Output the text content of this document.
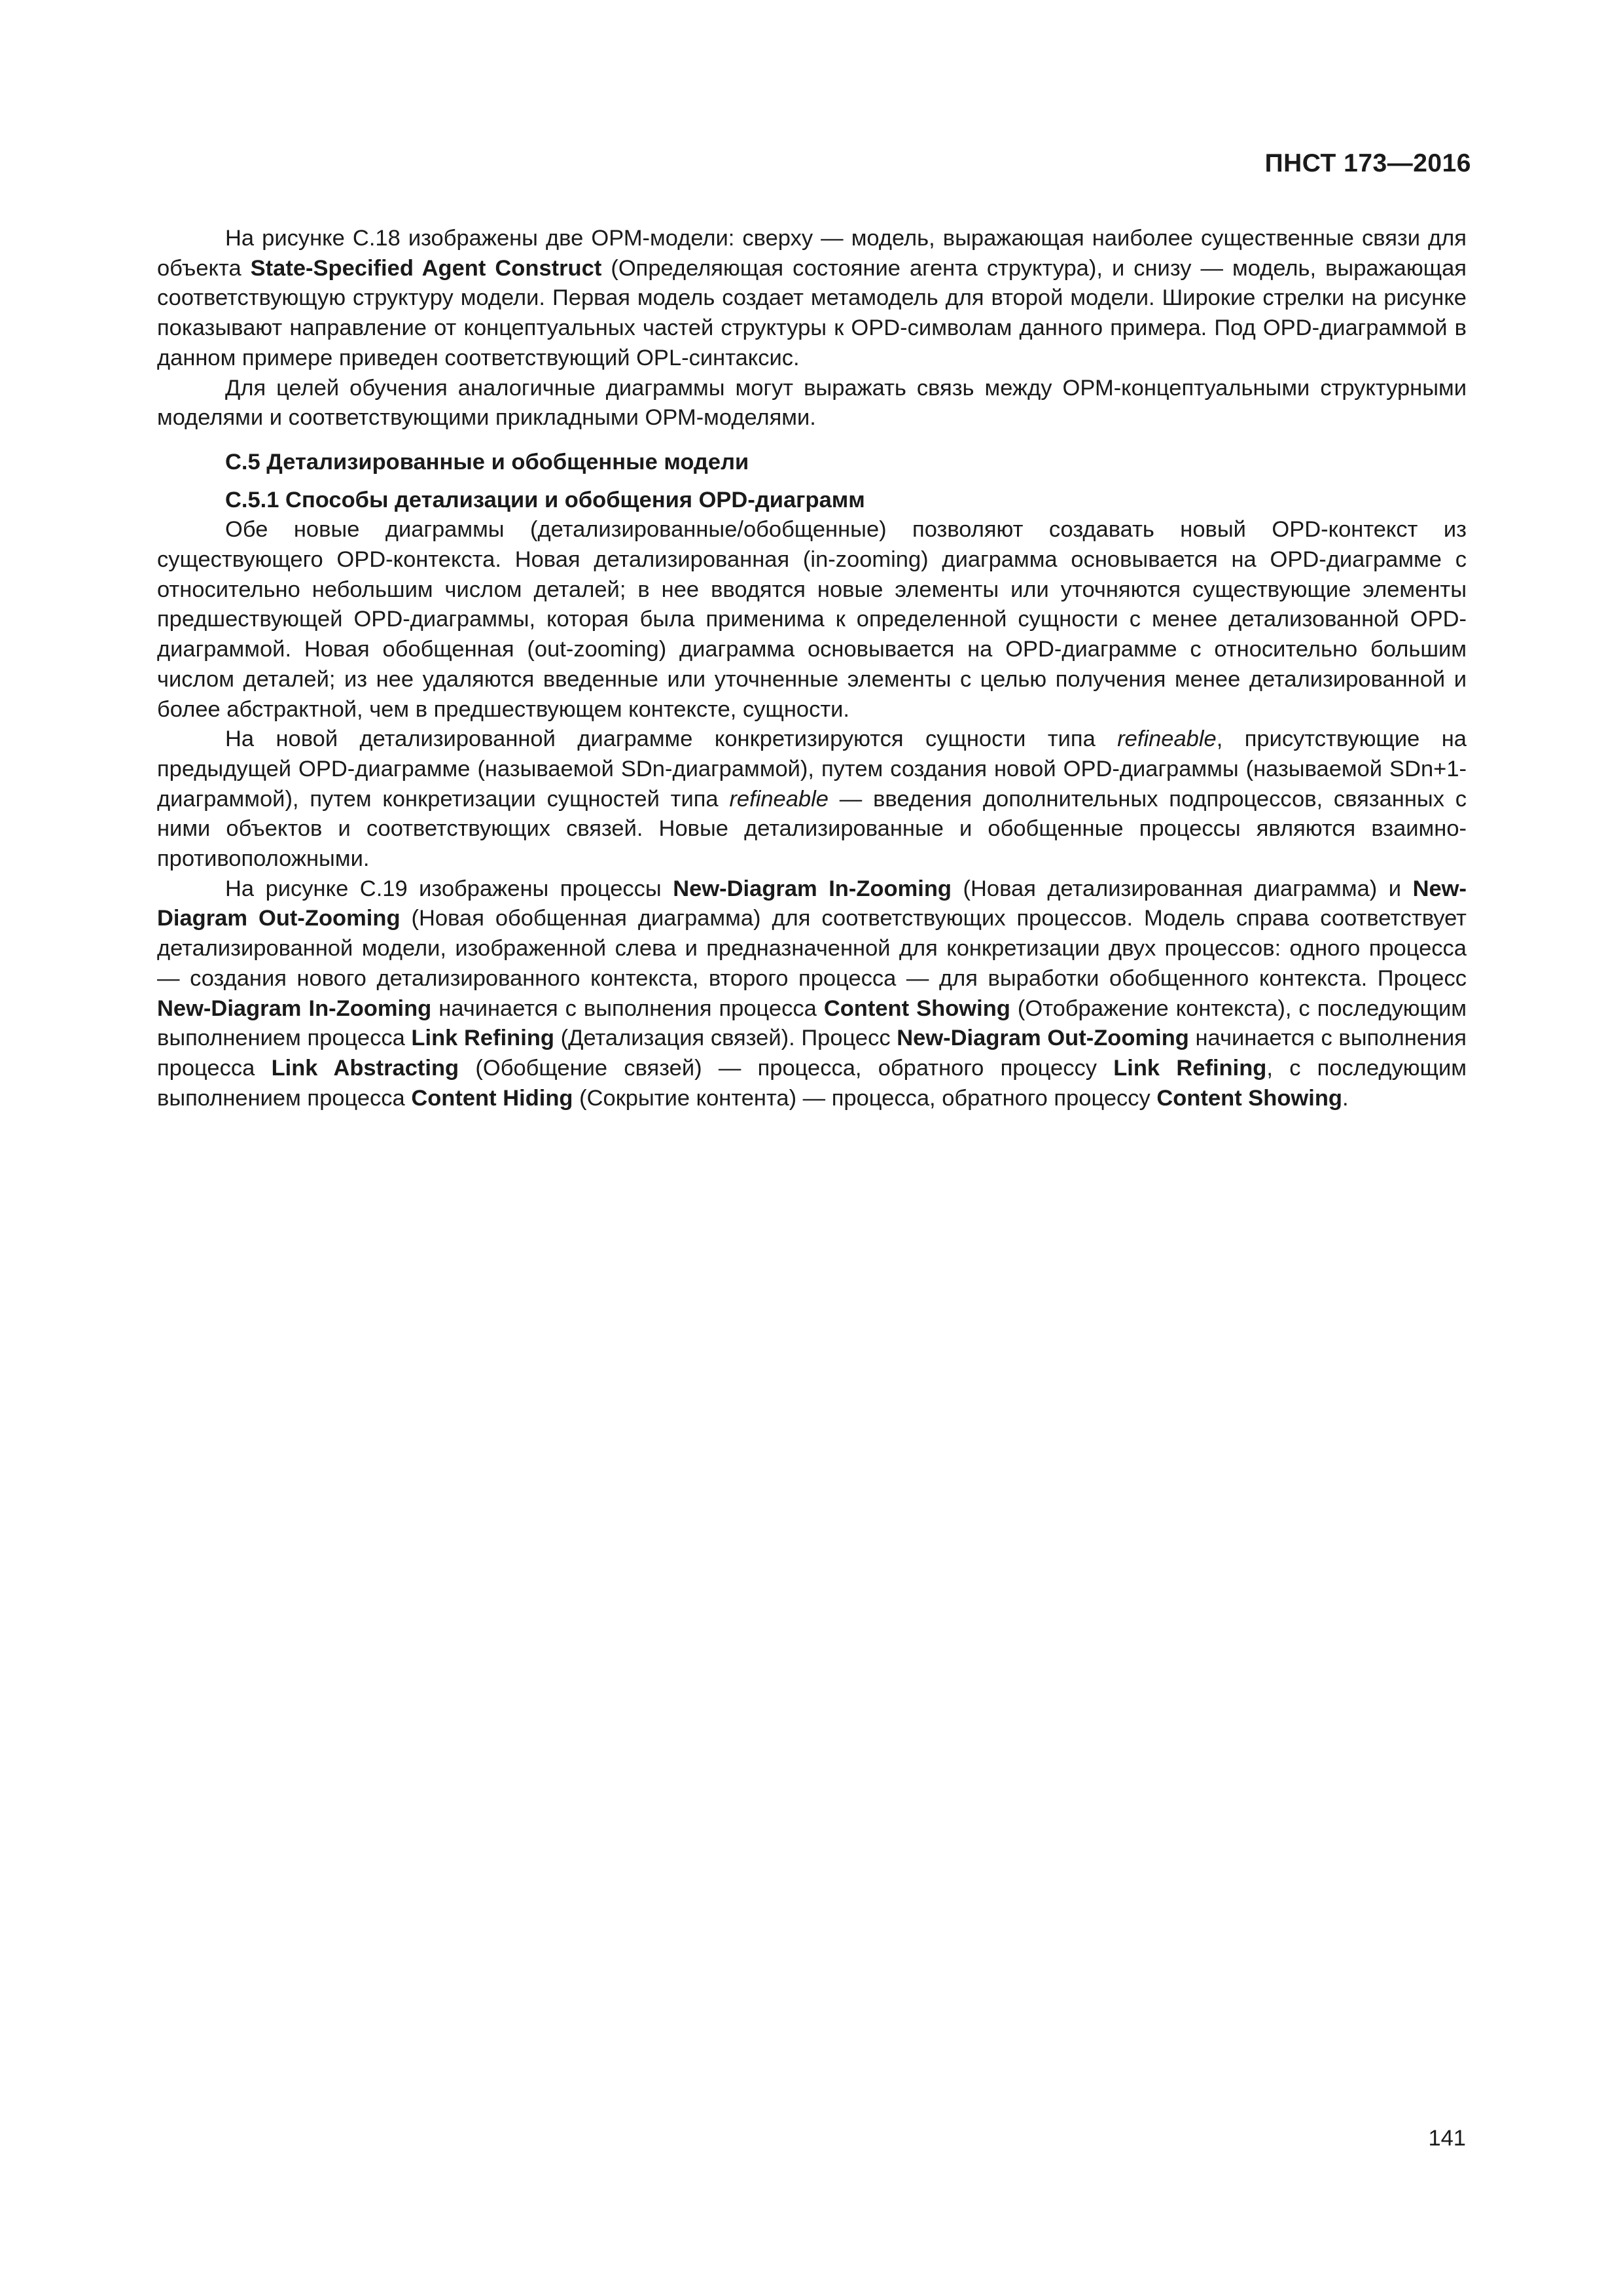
ПНСТ 173—2016

На рисунке С.18 изображены две ОРМ-модели: сверху — модель, выражающая наиболее существенные связи для объекта State-Specified Agent Construct (Определяющая состояние агента структура), и снизу — модель, выражающая соответствующую структуру модели. Первая модель создает метамодель для второй модели. Широкие стрелки на рисунке показывают направление от концептуальных частей структуры к OPD-символам данного примера. Под OPD-диаграммой в данном примере приведен соответствующий OPL-синтаксис.

Для целей обучения аналогичные диаграммы могут выражать связь между ОРМ-концептуальными структурными моделями и соответствующими прикладными ОРМ-моделями.

С.5 Детализированные и обобщенные модели
С.5.1 Способы детализации и обобщения OPD-диаграмм

Обе новые диаграммы (детализированные/обобщенные) позволяют создавать новый OPD-контекст из существующего OPD-контекста. Новая детализированная (in-zooming) диаграмма основывается на OPD-диаграмме с относительно небольшим числом деталей; в нее вводятся новые элементы или уточняются существующие элементы предшествующей OPD-диаграммы, которая была применима к определенной сущности с менее детализованной OPD-диаграммой. Новая обобщенная (out-zooming) диаграмма основывается на OPD-диаграмме с относительно большим числом деталей; из нее удаляются введенные или уточненные элементы с целью получения менее детализированной и более абстрактной, чем в предшествующем контексте, сущности.

На новой детализированной диаграмме конкретизируются сущности типа refineable, присутствующие на предыдущей OPD-диаграмме (называемой SDn-диаграммой), путем создания новой OPD-диаграммы (называемой SDn+1-диаграммой), путем конкретизации сущностей типа refineable — введения дополнительных подпроцессов, связанных с ними объектов и соответствующих связей. Новые детализированные и обобщенные процессы являются взаимно-противоположными.

На рисунке С.19 изображены процессы New-Diagram In-Zooming (Новая детализированная диаграмма) и New-Diagram Out-Zooming (Новая обобщенная диаграмма) для соответствующих процессов. Модель справа соответствует детализированной модели, изображенной слева и предназначенной для конкретизации двух процессов: одного процесса — создания нового детализированного контекста, второго процесса — для выработки обобщенного контекста. Процесс New-Diagram In-Zooming начинается с выполнения процесса Content Showing (Отображение контекста), с последующим выполнением процесса Link Refining (Детализация связей). Процесс New-Diagram Out-Zooming начинается с выполнения процесса Link Abstracting (Обобщение связей) — процесса, обратного процессу Link Refining, с последующим выполнением процесса Content Hiding (Сокрытие контента) — процесса, обратного процессу Content Showing.

141
